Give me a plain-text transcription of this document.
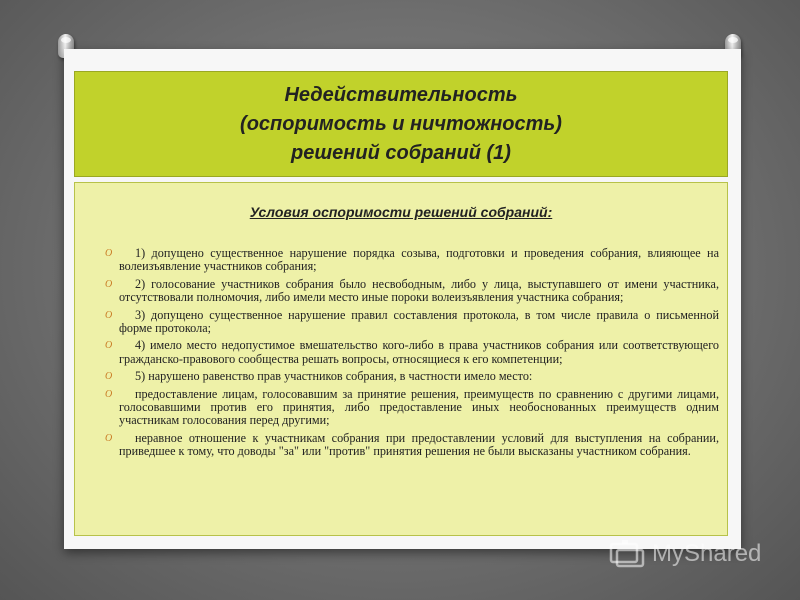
Недействительность
(оспоримость и ничтожность)
решений собраний (1)
Условия оспоримости решений собраний:
O	1) допущено существенное нарушение порядка созыва, подготовки и проведения собрания, влияющее на волеизъявление участников собрания;
O	2) голосование участников собрания было несвободным, либо у лица, выступавшего от имени участника, отсутствовали полномочия, либо имели место иные пороки волеизъявления участника собрания;
O	3) допущено существенное нарушение правил составления протокола, в том числе правила о письменной форме протокола;
O	4) имело место недопустимое вмешательство кого-либо в права участников собрания или соответствующего гражданско-правового сообщества решать вопросы, относящиеся к его компетенции;
O	5) нарушено равенство прав участников собрания, в частности имело место:
O	предоставление лицам, голосовавшим за принятие решения, преимуществ по сравнению с другими лицами, голосовавшими против его принятия, либо предоставление иных необоснованных преимуществ одним участникам голосования перед другими;
O	неравное отношение к участникам собрания при предоставлении условий для выступления на собрании, приведшее к тому, что доводы "за" или "против" принятия решения не были высказаны участником собрания.
MyShared
